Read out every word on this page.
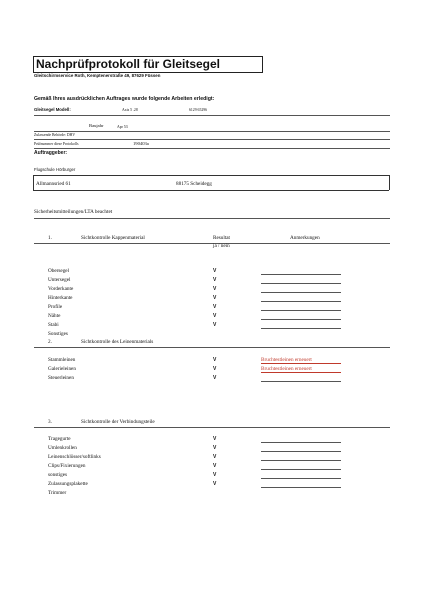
Nachprüfprotokoll für Gleitsegel
Gleitschirmservice Roth, Kemptenerstraße 49, 87629 Füssen
Gemäß Ihres ausdrücklichen Auftrages wurde folgende Arbeiten erledigt:
Gleitsegel Modell:	Axis 5 .28	6129 65296
Baujahr	Apr 53
Zulassende Behörde: DHV
Prüfnummer diese Protokolls	190403a
Auftraggeber:
Flugschule Hörburger
Allmannsried 61	88175 Scheidegg
Sicherheitsmitteilungen/LTA beachtet
1.	Sichtkontrolle Kappenmaterial	Resultat	Anmerkungen
ja / nein
Obersegel	V
Untersegel	V
Vorderkante	V
Hinterkante	V
Profile	V
Nähte	V
Stabi	V
Sonstiges
2.	Sichtkontrolle des Leinenmaterials
Stammleinen	V	Bruchtestleinen erneuert
Galerieleinen	V	Bruchtestleinen erneuert
Steuerleinen	V
3.	Sichtkontrolle der Verbindungsteile
Tragegurte	V
Umlenkrollen	V
Leinenschlösser/softlinks	V
Clips/Fixierungen	V
sonstiges	V
Zulassungsplakette	V
Trimmer
